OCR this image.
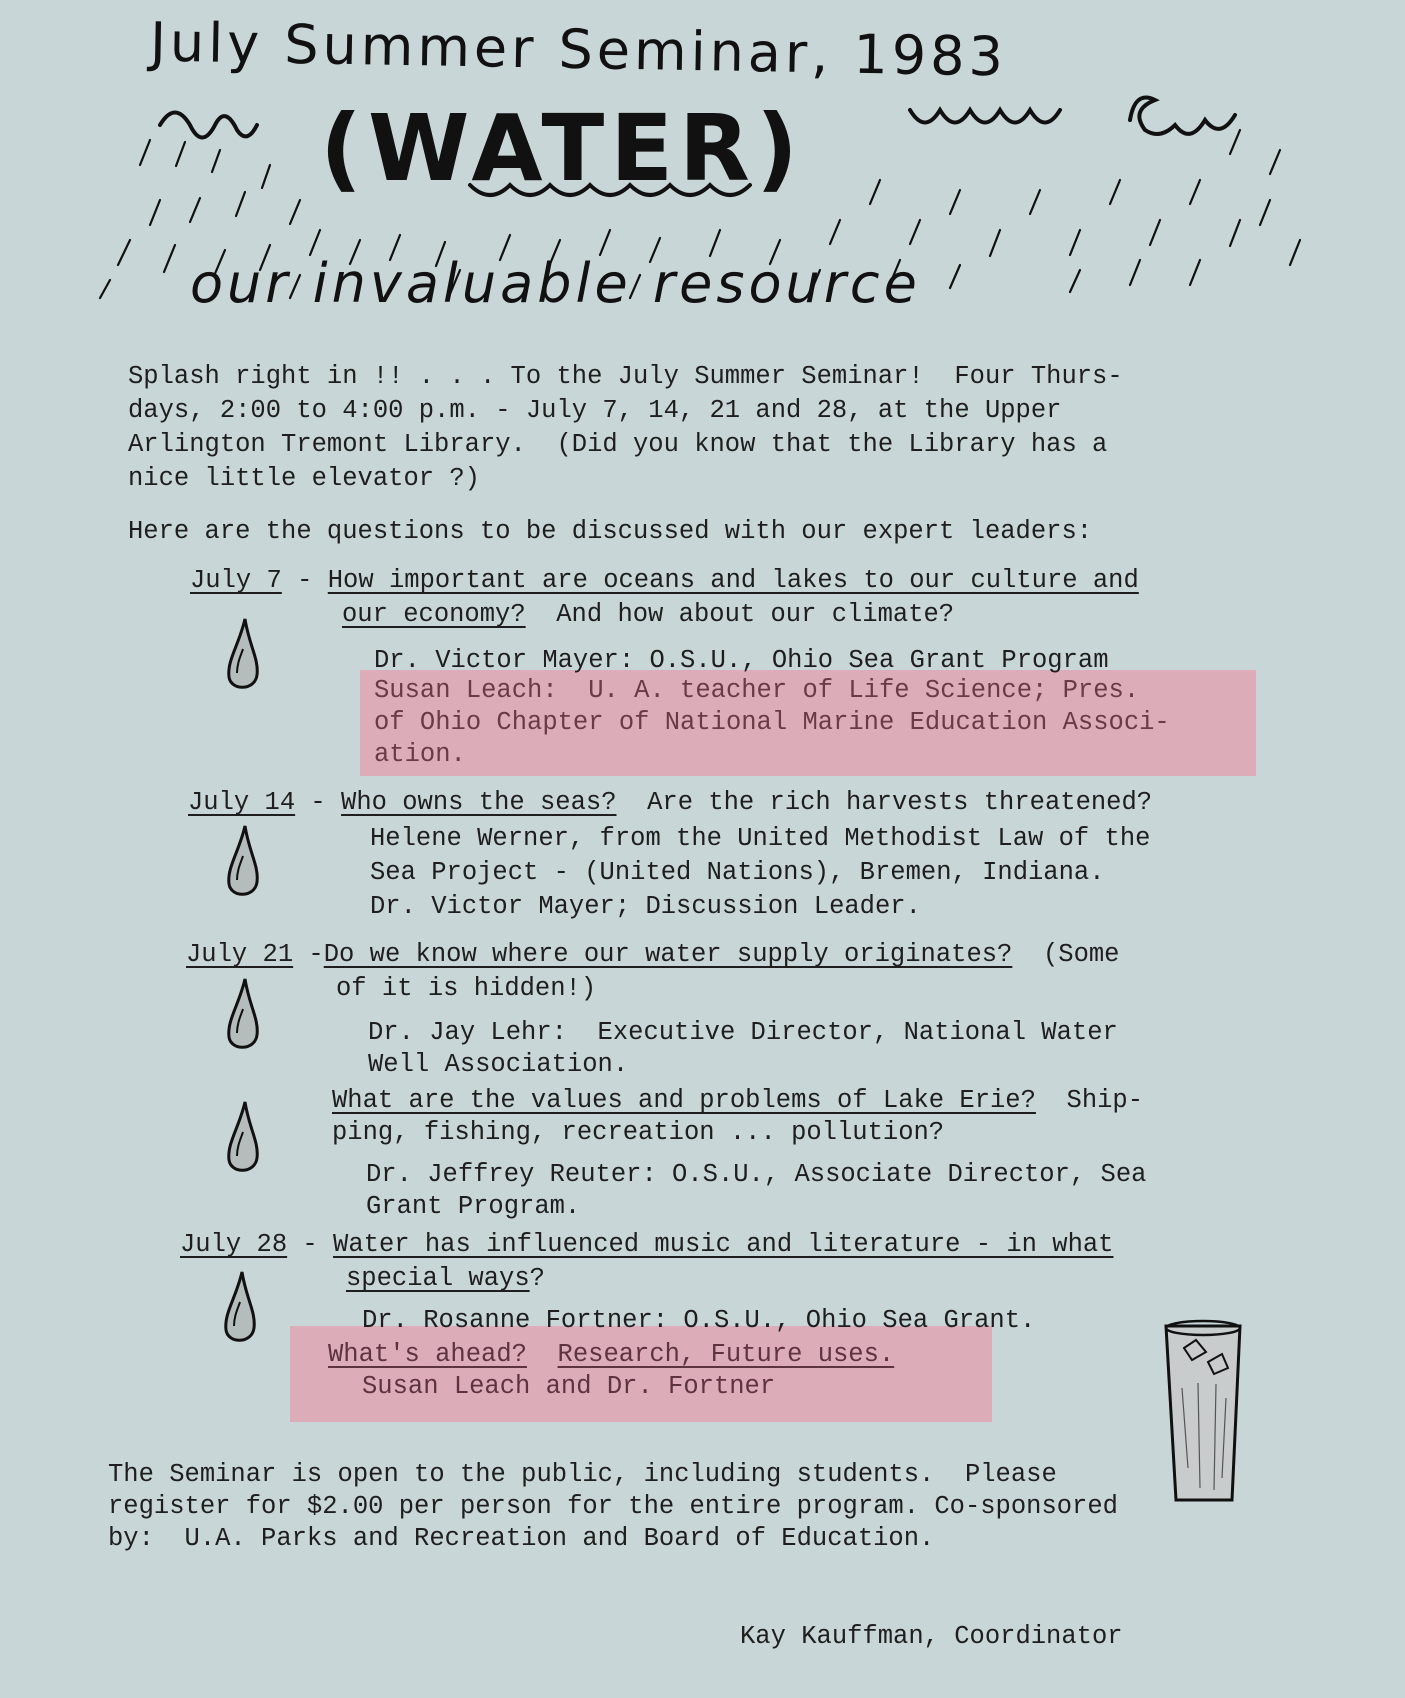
July Summer Seminar, 1983
(WATER)
our invaluable resource
Splash right in !! . . . To the July Summer Seminar!  Four Thurs-
days, 2:00 to 4:00 p.m. - July 7, 14, 21 and 28, at the Upper
Arlington Tremont Library.  (Did you know that the Library has a
nice little elevator ?)
Here are the questions to be discussed with our expert leaders:
July 7 - How important are oceans and lakes to our culture and
our economy?  And how about our climate?
Dr. Victor Mayer: O.S.U., Ohio Sea Grant Program
Susan Leach:  U. A. teacher of Life Science; Pres.
of Ohio Chapter of National Marine Education Associ-
ation.
July 14 - Who owns the seas?  Are the rich harvests threatened?
Helene Werner, from the United Methodist Law of the
Sea Project - (United Nations), Bremen, Indiana.
Dr. Victor Mayer; Discussion Leader.
July 21 -Do we know where our water supply originates?  (Some
of it is hidden!)
Dr. Jay Lehr:  Executive Director, National Water
Well Association.
What are the values and problems of Lake Erie?  Ship-
ping, fishing, recreation ... pollution?
Dr. Jeffrey Reuter: O.S.U., Associate Director, Sea
Grant Program.
July 28 - Water has influenced music and literature - in what
special ways?
Dr. Rosanne Fortner: O.S.U., Ohio Sea Grant.
What's ahead? Research, Future uses.
Susan Leach and Dr. Fortner
The Seminar is open to the public, including students.  Please
register for $2.00 per person for the entire program. Co-sponsored
by:  U.A. Parks and Recreation and Board of Education.
Kay Kauffman, Coordinator
